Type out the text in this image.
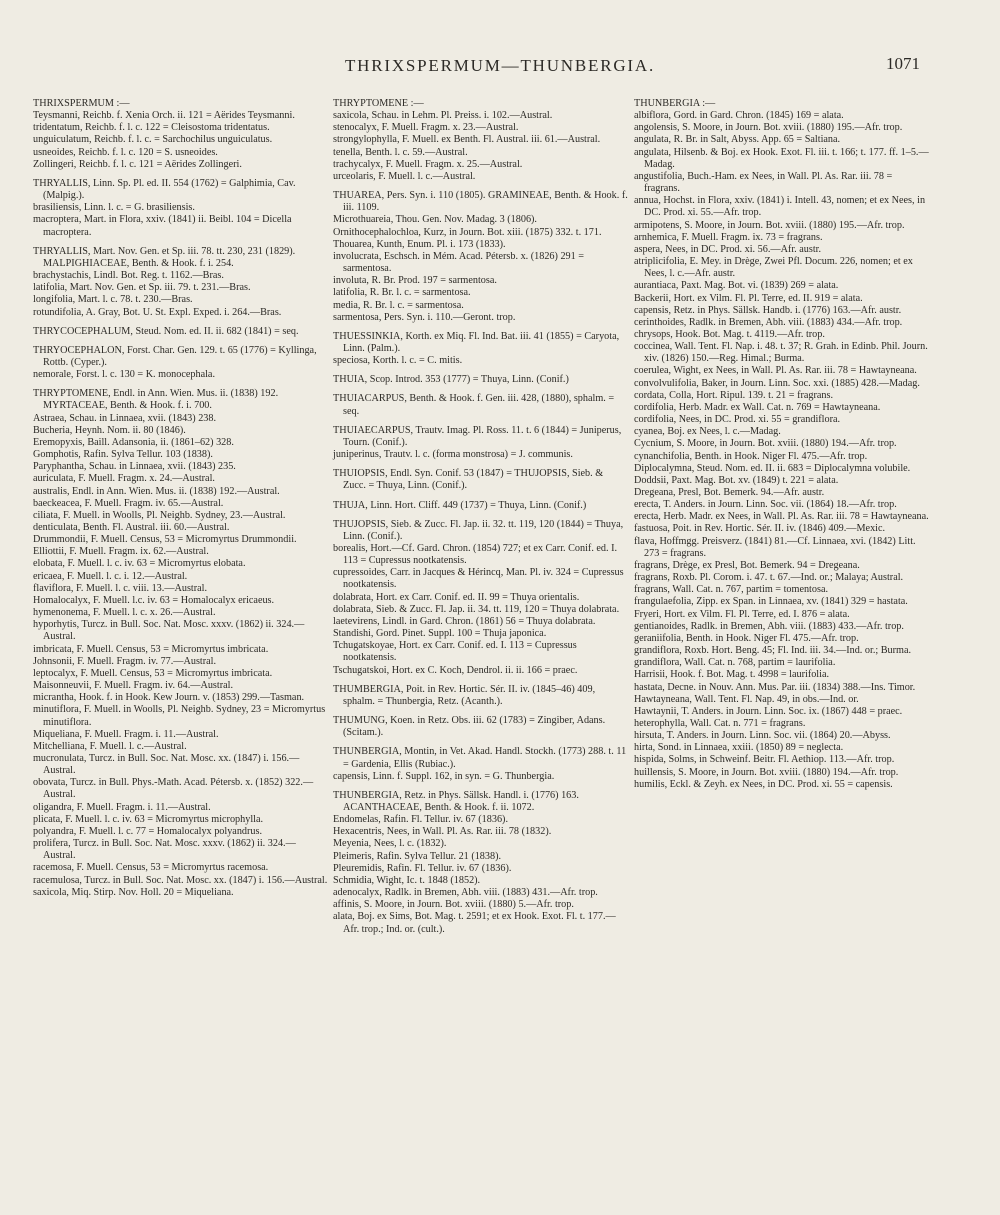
THRIXSPERMUM—THUNBERGIA.	1071

THRIXSPERMUM :—

Teysmanni, Reichb. f. Xenia Orch. ii. 121 = Aërides Teysmanni.

tridentatum, Reichb. f. l. c. 122 = Cleisostoma tridentatus.

unguiculatum, Reichb. f. l. c. = Sarchochilus unguiculatus.

usneoides, Reichb. f. l. c. 120 = S. usneoides.

Zollingeri, Reichb. f. l. c. 121 = Aërides Zollingeri.

THRYALLIS, Linn. Sp. Pl. ed. II. 554 (1762) = Galphimia, Cav. (Malpig.).

brasiliensis, Linn. l. c. = G. brasiliensis.

macroptera, Mart. in Flora, xxiv. (1841) ii. Beibl. 104 = Dicella macroptera.

THRYALLIS, Mart. Nov. Gen. et Sp. iii. 78. tt. 230, 231 (1829). MALPIGHIACEAE, Benth. & Hook. f. i. 254.

brachystachis, Lindl. Bot. Reg. t. 1162.—Bras.

latifolia, Mart. Nov. Gen. et Sp. iii. 79. t. 231.—Bras.

longifolia, Mart. l. c. 78. t. 230.—Bras.

rotundifolia, A. Gray, Bot. U. St. Expl. Exped. i. 264.—Bras.

THRYCOCEPHALUM, Steud. Nom. ed. II. ii. 682 (1841) = seq.

THRYOCEPHALON, Forst. Char. Gen. 129. t. 65 (1776) = Kyllinga, Rottb. (Cyper.).

nemorale, Forst. l. c. 130 = K. monocephala.

THRYPTOMENE, Endl. in Ann. Wien. Mus. ii. (1838) 192. MYRTACEAE, Benth. & Hook. f. i. 700.

Astraea, Schau. in Linnaea, xvii. (1843) 238.

Bucheria, Heynh. Nom. ii. 80 (1846).

Eremopyxis, Baill. Adansonia, ii. (1861–62) 328.

Gomphotis, Rafin. Sylva Tellur. 103 (1838).

Paryphantha, Schau. in Linnaea, xvii. (1843) 235.

auriculata, F. Muell. Fragm. x. 24.—Austral.

australis, Endl. in Ann. Wien. Mus. ii. (1838) 192.—Austral.

baeckeacea, F. Muell. Fragm. iv. 65.—Austral.

ciliata, F. Muell. in Woolls, Pl. Neighb. Sydney, 23.—Austral.

denticulata, Benth. Fl. Austral. iii. 60.—Austral.

Drummondii, F. Muell. Census, 53 = Micromyrtus Drummondii.

Elliottii, F. Muell. Fragm. ix. 62.—Austral.

elobata, F. Muell. l. c. iv. 63 = Micromyrtus elobata.

ericaea, F. Muell. l. c. i. 12.—Austral.

flaviflora, F. Muell. l. c. viii. 13.—Austral.

Homalocalyx, F. Muell. l.c. iv. 63 = Homalocalyx ericaeus.

hymenonema, F. Muell. l. c. x. 26.—Austral.

hyporhytis, Turcz. in Bull. Soc. Nat. Mosc. xxxv. (1862) ii. 324.—Austral.

imbricata, F. Muell. Census, 53 = Micromyrtus imbricata.

Johnsonii, F. Muell. Fragm. iv. 77.—Austral.

leptocalyx, F. Muell. Census, 53 = Micromyrtus imbricata.

Maisonneuvii, F. Muell. Fragm. iv. 64.—Austral.

micrantha, Hook. f. in Hook. Kew Journ. v. (1853) 299.—Tasman.

minutiflora, F. Muell. in Woolls, Pl. Neighb. Sydney, 23 = Micromyrtus minutiflora.

Miqueliana, F. Muell. Fragm. i. 11.—Austral.

Mitchelliana, F. Muell. l. c.—Austral.

mucronulata, Turcz. in Bull. Soc. Nat. Mosc. xx. (1847) i. 156.—Austral.

obovata, Turcz. in Bull. Phys.-Math. Acad. Pétersb. x. (1852) 322.—Austral.

oligandra, F. Muell. Fragm. i. 11.—Austral.

plicata, F. Muell. l. c. iv. 63 = Micromyrtus microphylla.

polyandra, F. Muell. l. c. 77 = Homalocalyx polyandrus.

prolifera, Turcz. in Bull. Soc. Nat. Mosc. xxxv. (1862) ii. 324.—Austral.

racemosa, F. Muell. Census, 53 = Micromyrtus racemosa.

racemulosa, Turcz. in Bull. Soc. Nat. Mosc. xx. (1847) i. 156.—Austral.

saxicola, Miq. Stirp. Nov. Holl. 20 = Miqueliana.

THRYPTOMENE :—

saxicola, Schau. in Lehm. Pl. Preiss. i. 102.—Austral.

stenocalyx, F. Muell. Fragm. x. 23.—Austral.

strongylophylla, F. Muell. ex Benth. Fl. Austral. iii. 61.—Austral.

tenella, Benth. l. c. 59.—Austral.

trachycalyx, F. Muell. Fragm. x. 25.—Austral.

urceolaris, F. Muell. l. c.—Austral.

THUAREA, Pers. Syn. i. 110 (1805). GRAMINEAE, Benth. & Hook. f. iii. 1109.

Microthuareia, Thou. Gen. Nov. Madag. 3 (1806).

Ornithocephalochloa, Kurz, in Journ. Bot. xiii. (1875) 332. t. 171.

Thouarea, Kunth, Enum. Pl. i. 173 (1833).

involucrata, Eschsch. in Mém. Acad. Pétersb. x. (1826) 291 = sarmentosa.

involuta, R. Br. Prod. 197 = sarmentosa.

latifolia, R. Br. l. c. = sarmentosa.

media, R. Br. l. c. = sarmentosa.

sarmentosa, Pers. Syn. i. 110.—Geront. trop.

THUESSINKIA, Korth. ex Miq. Fl. Ind. Bat. iii. 41 (1855) = Caryota, Linn. (Palm.).

speciosa, Korth. l. c. = C. mitis.

THUIA, Scop. Introd. 353 (1777) = Thuya, Linn. (Conif.)

THUIACARPUS, Benth. & Hook. f. Gen. iii. 428, (1880), sphalm. = seq.

THUIAECARPUS, Trautv. Imag. Pl. Ross. 11. t. 6 (1844) = Juniperus, Tourn. (Conif.).

juniperinus, Trautv. l. c. (forma monstrosa) = J. communis.

THUIOPSIS, Endl. Syn. Conif. 53 (1847) = THUJOPSIS, Sieb. & Zucc. = Thuya, Linn. (Conif.).

THUJA, Linn. Hort. Cliff. 449 (1737) = Thuya, Linn. (Conif.)

THUJOPSIS, Sieb. & Zucc. Fl. Jap. ii. 32. tt. 119, 120 (1844) = Thuya, Linn. (Conif.).

borealis, Hort.—Cf. Gard. Chron. (1854) 727; et ex Carr. Conif. ed. I. 113 = Cupressus nootkatensis.

cupressoides, Carr. in Jacques & Hérincq, Man. Pl. iv. 324 = Cupressus nootkatensis.

dolabrata, Hort. ex Carr. Conif. ed. II. 99 = Thuya orientalis.

dolabrata, Sieb. & Zucc. Fl. Jap. ii. 34. tt. 119, 120 = Thuya dolabrata.

laetevirens, Lindl. in Gard. Chron. (1861) 56 = Thuya dolabrata.

Standishi, Gord. Pinet. Suppl. 100 = Thuja japonica.

Tchugatskoyae, Hort. ex Carr. Conif. ed. I. 113 = Cupressus nootkatensis.

Tschugatskoi, Hort. ex C. Koch, Dendrol. ii. ii. 166 = praec.

THUMBERGIA, Poit. in Rev. Hortic. Sér. II. iv. (1845–46) 409, sphalm. = Thunbergia, Retz. (Acanth.).

THUMUNG, Koen. in Retz. Obs. iii. 62 (1783) = Zingiber, Adans. (Scitam.).

THUNBERGIA, Montin, in Vet. Akad. Handl. Stockh. (1773) 288. t. 11 = Gardenia, Ellis (Rubiac.).

capensis, Linn. f. Suppl. 162, in syn. = G. Thunbergia.

THUNBERGIA, Retz. in Phys. Sällsk. Handl. i. (1776) 163. ACANTHACEAE, Benth. & Hook. f. ii. 1072.

Endomelas, Rafin. Fl. Tellur. iv. 67 (1836).

Hexacentris, Nees, in Wall. Pl. As. Rar. iii. 78 (1832).

Meyenia, Nees, l. c. (1832).

Pleimeris, Rafin. Sylva Tellur. 21 (1838).

Pleuremidis, Rafin. Fl. Tellur. iv. 67 (1836).

Schmidia, Wight, Ic. t. 1848 (1852).

adenocalyx, Radlk. in Bremen, Abh. viii. (1883) 431.—Afr. trop.

affinis, S. Moore, in Journ. Bot. xviii. (1880) 5.—Afr. trop.

alata, Boj. ex Sims, Bot. Mag. t. 2591; et ex Hook. Exot. Fl. t. 177.—Afr. trop.; Ind. or. (cult.).

THUNBERGIA :—

albiflora, Gord. in Gard. Chron. (1845) 169 = alata.

angolensis, S. Moore, in Journ. Bot. xviii. (1880) 195.—Afr. trop.

angulata, R. Br. in Salt, Abyss. App. 65 = Saltiana.

angulata, Hilsenb. & Boj. ex Hook. Exot. Fl. iii. t. 166; t. 177. ff. 1–5.—Madag.

angustifolia, Buch.-Ham. ex Nees, in Wall. Pl. As. Rar. iii. 78 = fragrans.

annua, Hochst. in Flora, xxiv. (1841) i. Intell. 43, nomen; et ex Nees, in DC. Prod. xi. 55.—Afr. trop.

armipotens, S. Moore, in Journ. Bot. xviii. (1880) 195.—Afr. trop.

arnhemica, F. Muell. Fragm. ix. 73 = fragrans.

aspera, Nees, in DC. Prod. xi. 56.—Afr. austr.

atriplicifolia, E. Mey. in Drège, Zwei Pfl. Docum. 226, nomen; et ex Nees, l. c.—Afr. austr.

aurantiaca, Paxt. Mag. Bot. vi. (1839) 269 = alata.

Backerii, Hort. ex Vilm. Fl. Pl. Terre, ed. II. 919 = alata.

capensis, Retz. in Phys. Sällsk. Handb. i. (1776) 163.—Afr. austr.

cerinthoides, Radlk. in Bremen, Abh. viii. (1883) 434.—Afr. trop.

chrysops, Hook. Bot. Mag. t. 4119.—Afr. trop.

coccinea, Wall. Tent. Fl. Nap. i. 48. t. 37; R. Grah. in Edinb. Phil. Journ. xiv. (1826) 150.—Reg. Himal.; Burma.

coerulea, Wight, ex Nees, in Wall. Pl. As. Rar. iii. 78 = Hawtayneana.

convolvulifolia, Baker, in Journ. Linn. Soc. xxi. (1885) 428.—Madag.

cordata, Colla, Hort. Ripul. 139. t. 21 = fragrans.

cordifolia, Herb. Madr. ex Wall. Cat. n. 769 = Hawtayneana.

cordifolia, Nees, in DC. Prod. xi. 55 = grandiflora.

cyanea, Boj. ex Nees, l. c.—Madag.

Cycnium, S. Moore, in Journ. Bot. xviii. (1880) 194.—Afr. trop.

cynanchifolia, Benth. in Hook. Niger Fl. 475.—Afr. trop.

Diplocalymna, Steud. Nom. ed. II. ii. 683 = Diplocalymna volubile.

Doddsii, Paxt. Mag. Bot. xv. (1849) t. 221 = alata.

Dregeana, Presl, Bot. Bemerk. 94.—Afr. austr.

erecta, T. Anders. in Journ. Linn. Soc. vii. (1864) 18.—Afr. trop.

erecta, Herb. Madr. ex Nees, in Wall. Pl. As. Rar. iii. 78 = Hawtayneana.

fastuosa, Poit. in Rev. Hortic. Sér. II. iv. (1846) 409.—Mexic.

flava, Hoffmgg. Preisverz. (1841) 81.—Cf. Linnaea, xvi. (1842) Litt. 273 = fragrans.

fragrans, Drège, ex Presl, Bot. Bemerk. 94 = Dregeana.

fragrans, Roxb. Pl. Corom. i. 47. t. 67.—Ind. or.; Malaya; Austral.

fragrans, Wall. Cat. n. 767, partim = tomentosa.

frangulaefolia, Zipp. ex Span. in Linnaea, xv. (1841) 329 = hastata.

Fryeri, Hort. ex Vilm. Fl. Pl. Terre, ed. I. 876 = alata.

gentianoides, Radlk. in Bremen, Abh. viii. (1883) 433.—Afr. trop.

geraniifolia, Benth. in Hook. Niger Fl. 475.—Afr. trop.

grandiflora, Roxb. Hort. Beng. 45; Fl. Ind. iii. 34.—Ind. or.; Burma.

grandiflora, Wall. Cat. n. 768, partim = laurifolia.

Harrisii, Hook. f. Bot. Mag. t. 4998 = laurifolia.

hastata, Decne. in Nouv. Ann. Mus. Par. iii. (1834) 388.—Ins. Timor.

Hawtayneana, Wall. Tent. Fl. Nap. 49, in obs.—Ind. or.

Hawtaynii, T. Anders. in Journ. Linn. Soc. ix. (1867) 448 = praec.

heterophylla, Wall. Cat. n. 771 = fragrans.

hirsuta, T. Anders. in Journ. Linn. Soc. vii. (1864) 20.—Abyss.

hirta, Sond. in Linnaea, xxiii. (1850) 89 = neglecta.

hispida, Solms, in Schweinf. Beitr. Fl. Aethiop. 113.—Afr. trop.

huillensis, S. Moore, in Journ. Bot. xviii. (1880) 194.—Afr. trop.

humilis, Eckl. & Zeyh. ex Nees, in DC. Prod. xi. 55 = capensis.
